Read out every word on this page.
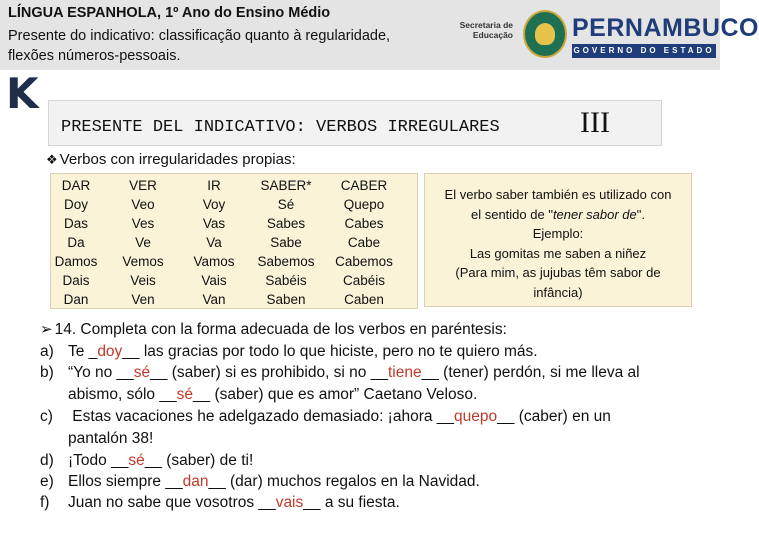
LÍNGUA ESPANHOLA, 1º Ano do Ensino Médio
Presente do indicativo: classificação quanto à regularidade,
flexões números-pessoais.
Secretaria de
Educação PERNAMBUCO
GOVERNO DO ESTADO
K
PRESENTE DEL INDICATIVO: VERBOS IRREGULARES	III
❖ Verbos con irregularidades propias:
DAR
Doy
Das
Da
Damos
Dais
Dan
VER
Veo
Ves
Ve
Vemos
Veis
Ven
IR
Voy
Vas
Va
Vamos
Vais
Van
SABER*
Sé
Sabes
Sabe
Sabemos
Sabéis
Saben
CABER
Quepo
Cabes
Cabe
Cabemos
Cabéis
Caben
El verbo saber también es utilizado con
el sentido de "tener sabor de".
Ejemplo:
Las gomitas me saben a niñez
(Para mim, as jujubas têm sabor de
infância)
➢ 14. Completa con la forma adecuada de los verbos en paréntesis:
a) Te _doy__ las gracias por todo lo que hiciste, pero no te quiero más.
b) “Yo no __sé__ (saber) si es prohibido, si no __tiene__ (tener) perdón, si me lleva al
abismo, sólo __sé__ (saber) que es amor” Caetano Veloso.
c) Estas vacaciones he adelgazado demasiado: ¡ahora __quepo__ (caber) en un
pantalón 38!
d) ¡Todo __sé__ (saber) de ti!
e) Ellos siempre __dan__ (dar) muchos regalos en la Navidad.
f) Juan no sabe que vosotros __vais__ a su fiesta.
